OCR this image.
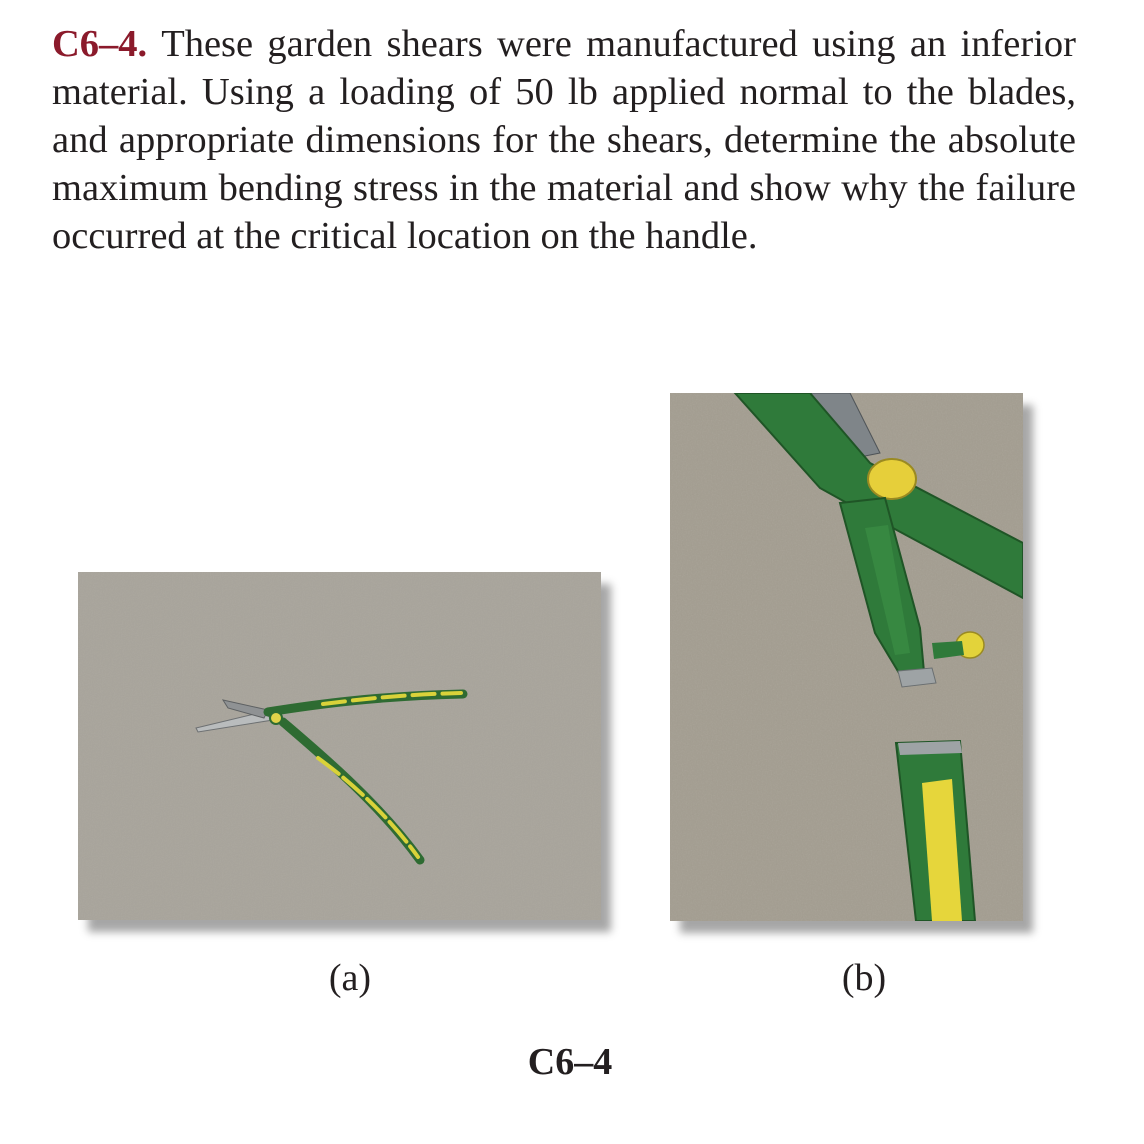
C6–4. These garden shears were manufactured using an inferior material. Using a loading of 50 lb applied normal to the blades, and appropriate dimensions for the shears, determine the absolute maximum bending stress in the material and show why the failure occurred at the critical location on the handle.

(a)	(b)
C6–4
